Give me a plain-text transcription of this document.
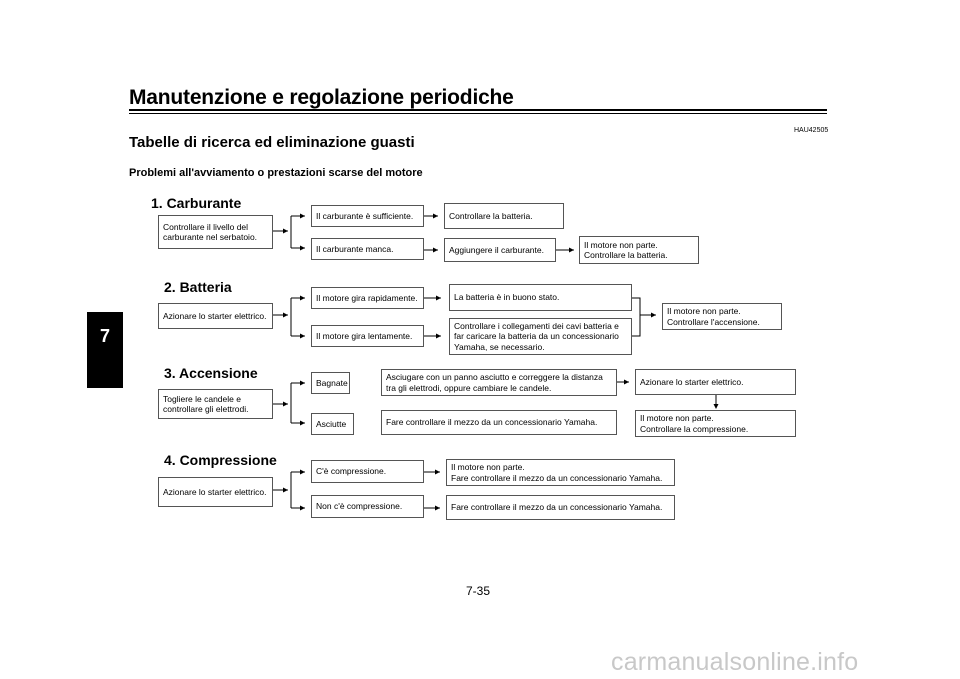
Manutenzione e regolazione periodiche
7
HAU42505
Tabelle di ricerca ed eliminazione guasti
Problemi all'avviamento o prestazioni scarse del motore
1. Carburante
Controllare il livello del
carburante nel serbatoio.
Il carburante è sufficiente.
Il carburante manca.
Controllare la batteria.
Aggiungere il carburante.
Il motore non parte.
Controllare la batteria.
2. Batteria
Azionare lo starter elettrico.
Il motore gira rapidamente.
Il motore gira lentamente.
La batteria è in buono stato.
Controllare i collegamenti dei cavi batteria e
far caricare la batteria da un concessionario
Yamaha, se necessario.
Il motore non parte.
Controllare l'accensione.
3. Accensione
Togliere le candele e
controllare gli elettrodi.
Bagnate
Asciutte
Asciugare con un panno asciutto e correggere la distanza
tra gli elettrodi, oppure cambiare le candele.
Fare controllare il mezzo da un concessionario Yamaha.
Azionare lo starter elettrico.
Il motore non parte.
Controllare la compressione.
4. Compressione
Azionare lo starter elettrico.
C'è compressione.
Non c'è compressione.
Il motore non parte.
Fare controllare il mezzo da un concessionario Yamaha.
Fare controllare il mezzo da un concessionario Yamaha.
7-35
carmanualsonline.info
